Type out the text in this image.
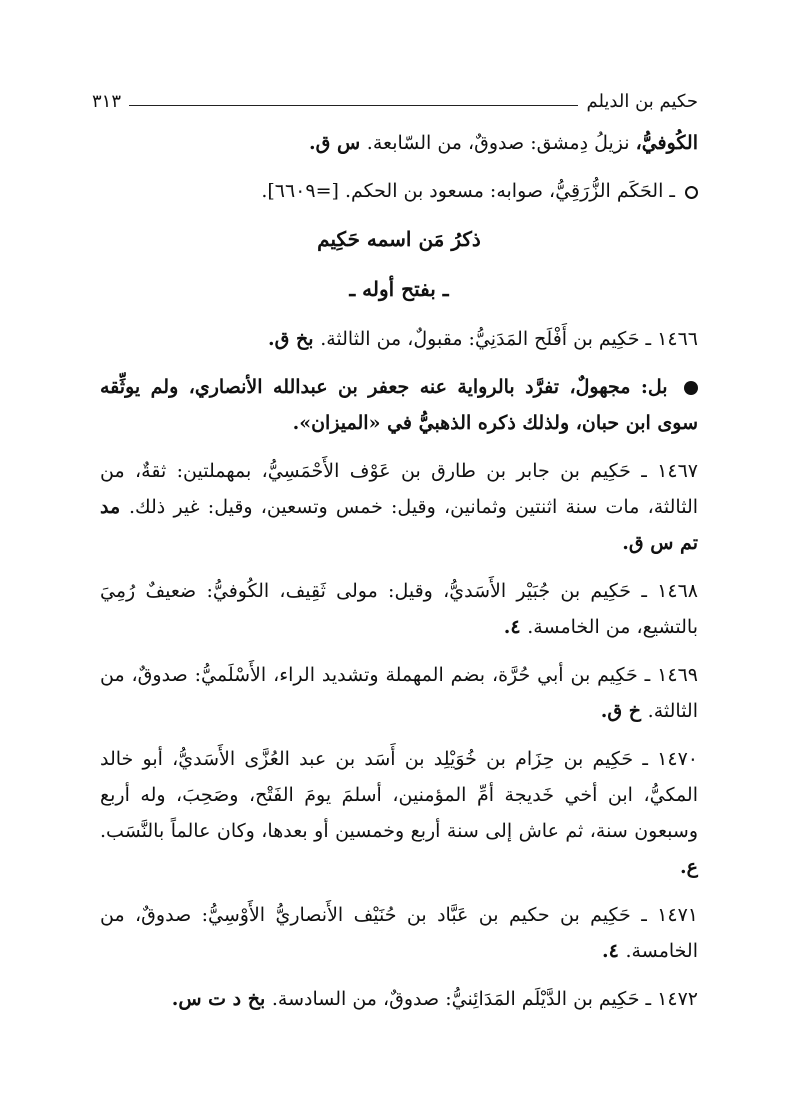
حكيم بن الديلم
٣١٣

الكُوفيُّ، نزيلُ دِمشق: صدوقٌ، من السّابعة. س ق.

ـ الحَكَم الزُّرَقِيُّ، صوابه: مسعود بن الحكم. [=٦٦٠٩].

ذكرُ مَن اسمه حَكِيم
ـ بفتح أوله ـ

١٤٦٦ ـ حَكِيم بن أَفْلَح المَدَنِيُّ: مقبولٌ، من الثالثة. بخ ق.

بل: مجهولٌ، تفرَّد بالرواية عنه جعفر بن عبدالله الأنصاري، ولم يوثِّقه سوى ابن حبان، ولذلك ذكره الذهبيُّ في «الميزان».

١٤٦٧ ـ حَكِيم بن جابر بن طارق بن عَوْف الأَحْمَسِيُّ، بمهملتين: ثقةٌ، من الثالثة، مات سنة اثنتين وثمانين، وقيل: خمس وتسعين، وقيل: غير ذلك. مد تم س ق.

١٤٦٨ ـ حَكِيم بن جُبَيْر الأَسَديُّ، وقيل: مولى ثَقِيف، الكُوفيُّ: ضعيفٌ رُمِيَ بالتشيع، من الخامسة. ٤.

١٤٦٩ ـ حَكِيم بن أبي حُرَّة، بضم المهملة وتشديد الراء، الأَسْلَميُّ: صدوقٌ، من الثالثة. خ ق.

١٤٧٠ ـ حَكِيم بن حِزَام بن خُوَيْلِد بن أَسَد بن عبد العُزَّى الأَسَديُّ، أبو خالد المكيُّ، ابن أخي خَديجة أمِّ المؤمنين، أسلمَ يومَ الفَتْح، وصَحِبَ، وله أربع وسبعون سنة، ثم عاش إلى سنة أربع وخمسين أو بعدها، وكان عالماً بالنَّسَب. ع.

١٤٧١ ـ حَكِيم بن حكيم بن عَبَّاد بن حُنَيْف الأَنصاريُّ الأَوْسِيُّ: صدوقٌ، من الخامسة. ٤.

١٤٧٢ ـ حَكِيم بن الدَّيْلَم المَدَائِنيُّ: صدوقٌ، من السادسة. بخ د ت س.
